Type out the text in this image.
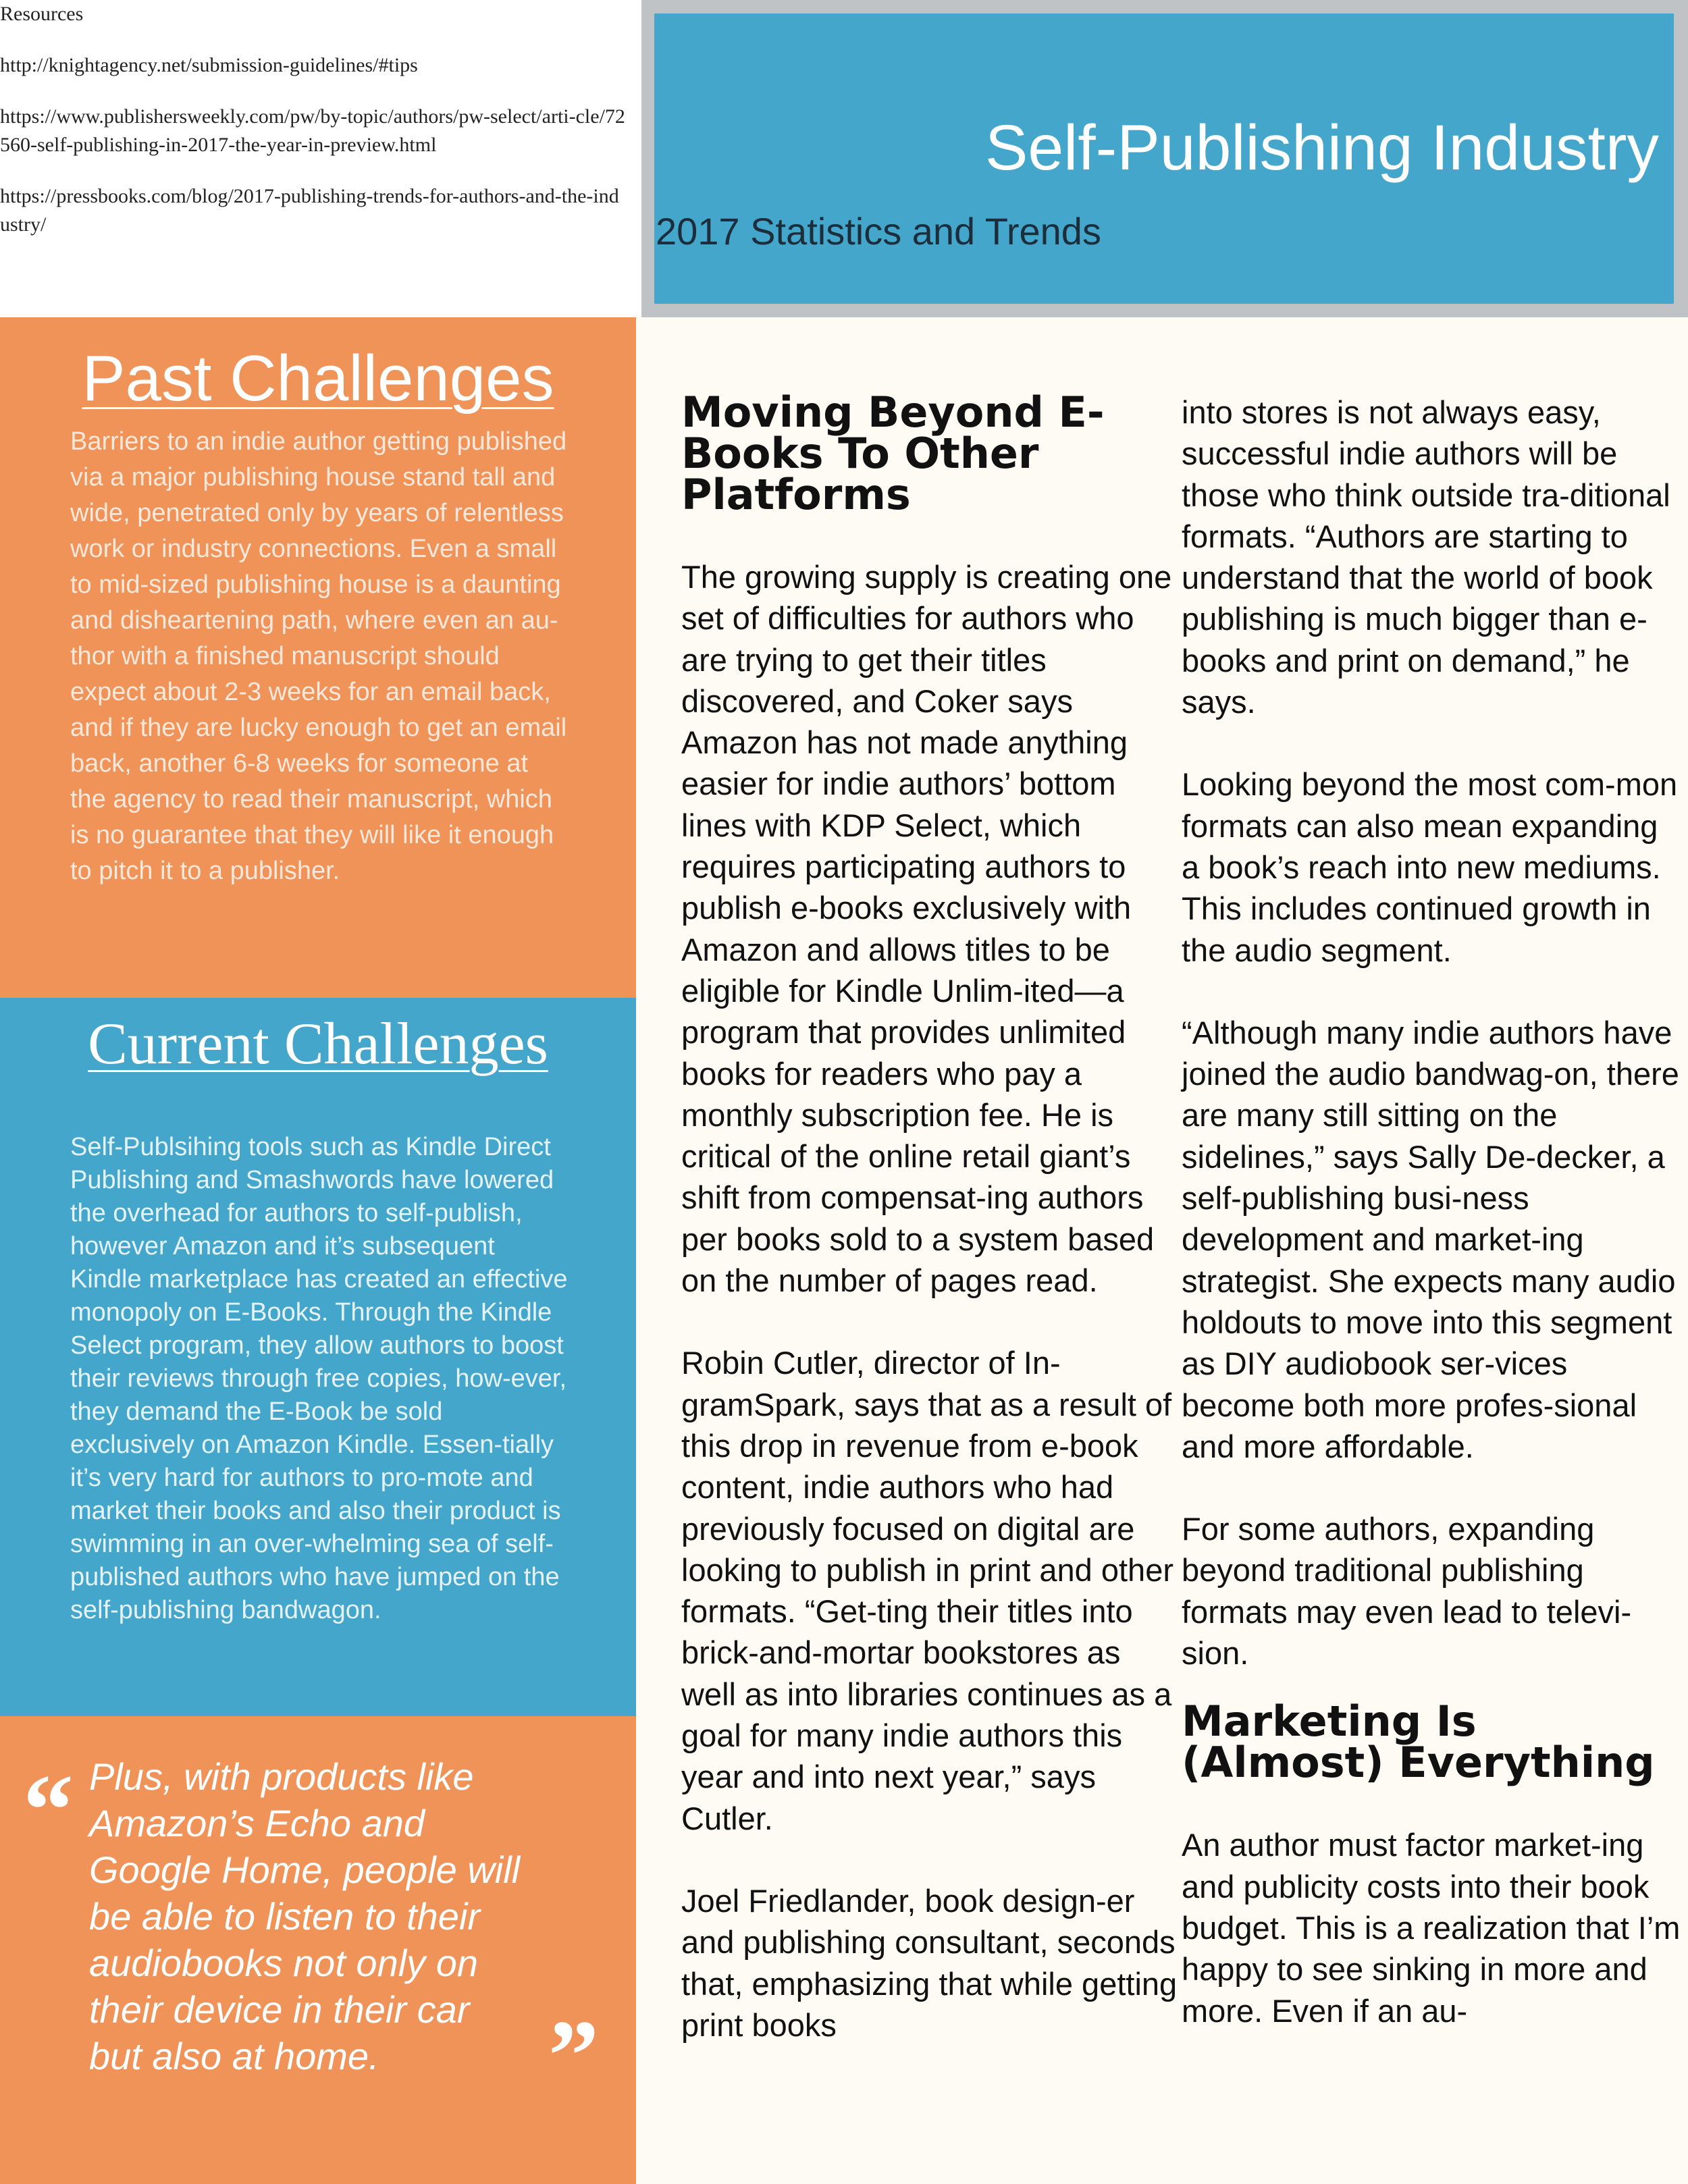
Resources

http://knightagency.net/submission-guidelines/#tips

https://www.publishersweekly.com/pw/by-topic/authors/pw-select/arti-cle/72560-self-publishing-in-2017-the-year-in-preview.html

https://pressbooks.com/blog/2017-publishing-trends-for-authors-and-the-industry/

Self-Publishing Industry

2017 Statistics and Trends

Past Challenges

Barriers to an indie author getting published via a major publishing house stand tall and wide, penetrated only by years of relentless work or industry connections. Even a small to mid-sized publishing house is a daunting and disheartening path, where even an au-thor with a finished manuscript should expect about 2-3 weeks for an email back, and if they are lucky enough to get an email back, another 6-8 weeks for someone at the agency to read their manuscript, which is no guarantee that they will like it enough to pitch it to a publisher.

Current Challenges

Self-Publsihing tools such as Kindle Direct Publishing and Smashwords have lowered the overhead for authors to self-publish, however Amazon and it’s subsequent Kindle marketplace has created an effective monopoly on E-Books. Through the Kindle Select program, they allow authors to boost their reviews through free copies, how-ever, they demand the E-Book be sold exclusively on Amazon Kindle. Essen-tially it’s very hard for authors to pro-mote and market their books and also their product is swimming in an over-whelming sea of self-published authors who have jumped on the self-publishing bandwagon.

“ Plus, with products like Amazon’s Echo and Google Home, people will be able to listen to their audiobooks not only on their device in their car but also at home.	”
Moving Beyond E-Books To Other Platforms

The growing supply is creating one set of difficulties for authors who are trying to get their titles discovered, and Coker says Amazon has not made anything easier for indie authors’ bottom lines with KDP Select, which requires participating authors to publish e-books exclusively with Amazon and allows titles to be eligible for Kindle Unlim-ited—a program that provides unlimited books for readers who pay a monthly subscription fee. He is critical of the online retail giant’s shift from compensat-ing authors per books sold to a system based on the number of pages read.

Robin Cutler, director of In-gramSpark, says that as a result of this drop in revenue from e-book content, indie authors who had previously focused on digital are looking to publish in print and other formats. “Get-ting their titles into brick-and-mortar bookstores as well as into libraries continues as a goal for many indie authors this year and into next year,” says Cutler.

Joel Friedlander, book design-er and publishing consultant, seconds that, emphasizing that while getting print books

into stores is not always easy, successful indie authors will be those who think outside tra-ditional formats. “Authors are starting to understand that the world of book publishing is much bigger than e-books and print on demand,” he says.

Looking beyond the most com-mon formats can also mean expanding a book’s reach into new mediums. This includes continued growth in the audio segment.

“Although many indie authors have joined the audio bandwag-on, there are many still sitting on the sidelines,” says Sally De-decker, a self-publishing busi-ness development and market-ing strategist. She expects many audio holdouts to move into this segment as DIY audiobook ser-vices become both more profes-sional and more affordable.

For some authors, expanding beyond traditional publishing formats may even lead to televi-sion.

Marketing Is (Almost) Everything

An author must factor market-ing and publicity costs into their book budget. This is a realization that I’m happy to see sinking in more and more. Even if an au-
